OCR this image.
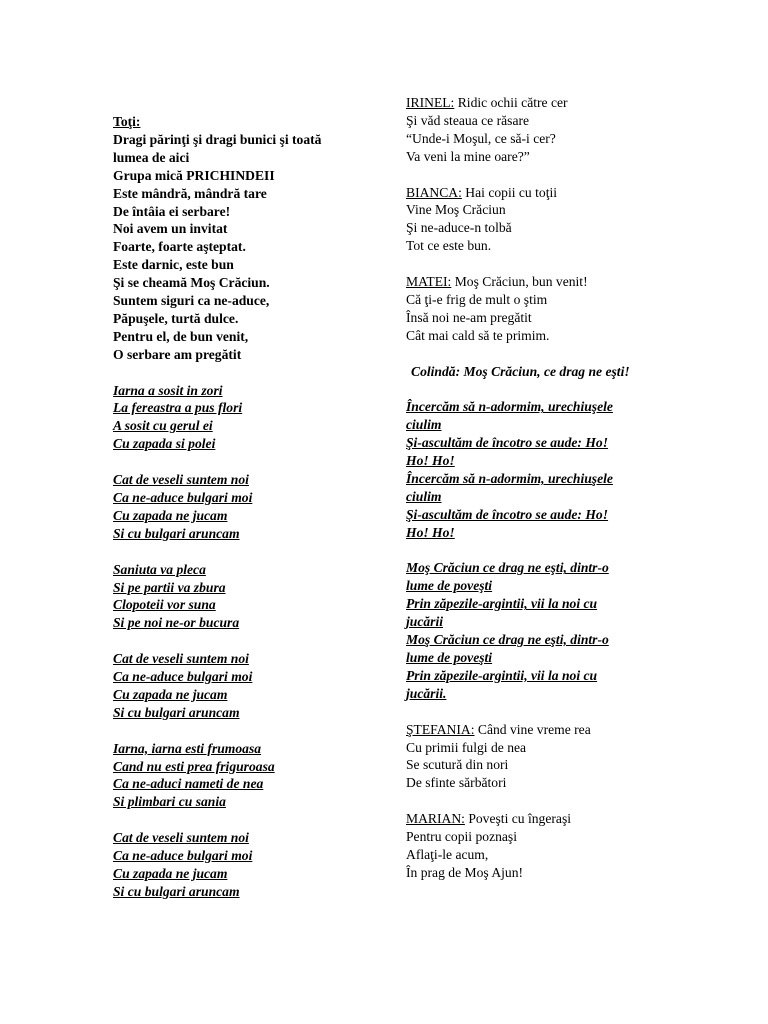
Toţi:
Dragi părinţi şi dragi bunici şi toată
lumea de aici
Grupa mică PRICHINDEII
Este mândră, mândră tare
De întâia ei serbare!
Noi avem un invitat
Foarte, foarte aşteptat.
Este darnic, este bun
Şi se cheamă Moş Crăciun.
Suntem siguri ca ne-aduce,
Păpuşele, turtă dulce.
Pentru el, de bun venit,
O serbare am pregătit
Iarna a sosit in zori
La fereastra a pus flori
A sosit cu gerul ei
Cu zapada si polei
Cat de veseli suntem noi
Ca ne-aduce bulgari moi
Cu zapada ne jucam
Si cu bulgari aruncam
Saniuta va pleca
Si pe partii va zbura
Clopoteii vor suna
Si pe noi ne-or bucura
Cat de veseli suntem noi
Ca ne-aduce bulgari moi
Cu zapada ne jucam
Si cu bulgari aruncam
Iarna, iarna esti frumoasa
Cand nu esti prea friguroasa
Ca ne-aduci nameti de nea
Si plimbari cu sania
Cat de veseli suntem noi
Ca ne-aduce bulgari moi
Cu zapada ne jucam
Si cu bulgari aruncam
IRINEL: Ridic ochii către cer
Şi văd steaua ce răsare
“Unde-i Moşul, ce să-i cer?
Va veni la mine oare?”
BIANCA: Hai copii cu toţii
Vine Moş Crăciun
Şi ne-aduce-n tolbă
Tot ce este bun.
MATEI: Moş Crăciun, bun venit!
Că ţi-e frig de mult o ştim
Însă noi ne-am pregătit
Cât mai cald să te primim.
Colindă: Moş Crăciun, ce drag ne eşti!
Încercăm să n-adormim, urechiuşele
ciulim
Şi-ascultăm de încotro se aude: Ho!
Ho! Ho!
Încercăm să n-adormim, urechiuşele
ciulim
Şi-ascultăm de încotro se aude: Ho!
Ho! Ho!
Moş Crăciun ce drag ne eşti, dintr-o
lume de poveşti
Prin zăpezile-argintii, vii la noi cu
jucării
Moş Crăciun ce drag ne eşti, dintr-o
lume de poveşti
Prin zăpezile-argintii, vii la noi cu
jucării.
ŞTEFANIA: Când vine vreme rea
Cu primii fulgi de nea
Se scutură din nori
De sfinte sărbători
MARIAN: Poveşti cu îngeraşi
Pentru copii poznaşi
Aflaţi-le acum,
În prag de Moş Ajun!
